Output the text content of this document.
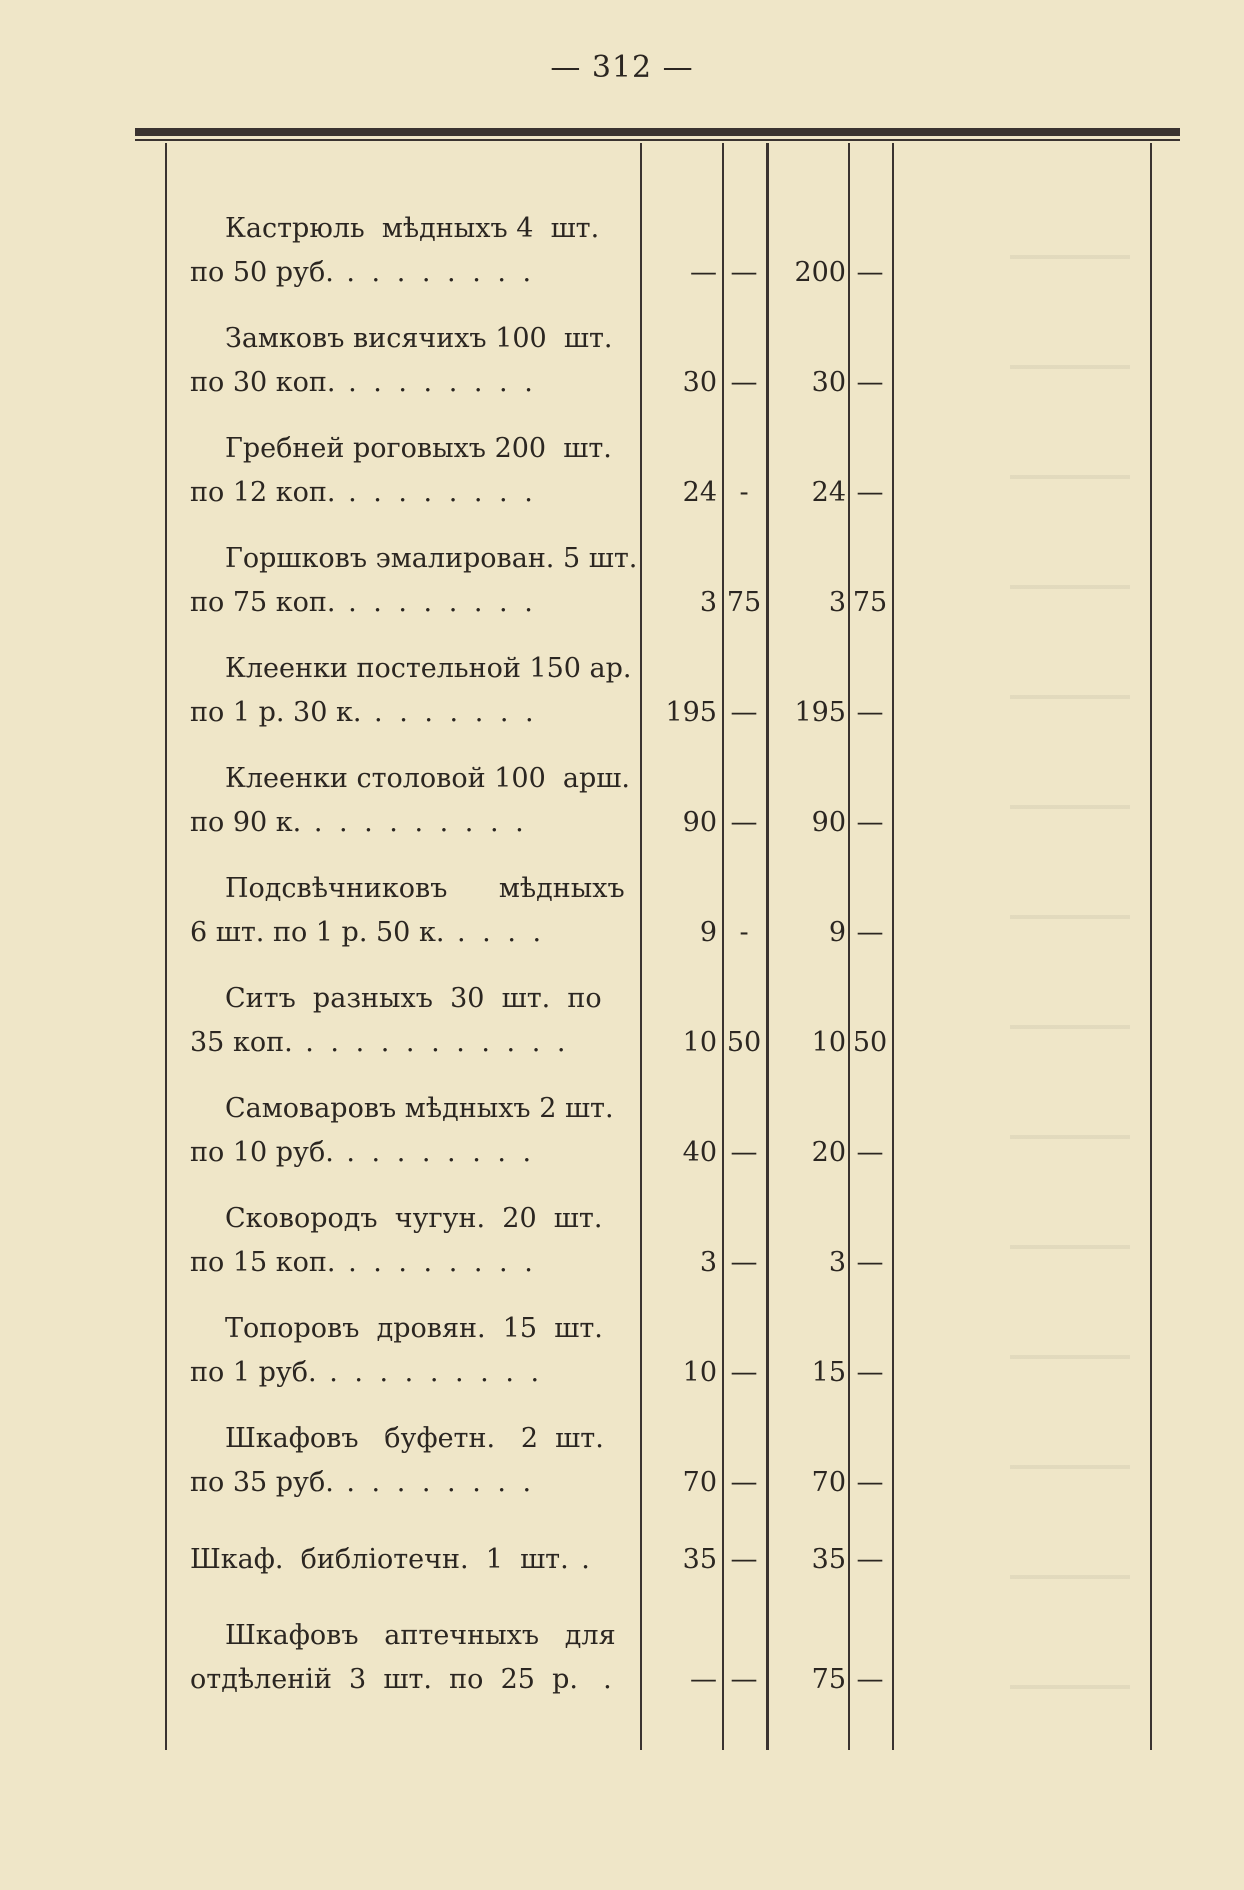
— 312 —
Кастрюль  мѣдныхъ 4  шт.
по 50 руб. . . . . . . . .	— —	200 —
Замковъ висячихъ 100  шт.
по 30 коп. . . . . . . . .	30 —	30 —
Гребней роговыхъ 200  шт.
по 12 коп. . . . . . . . .	24 -	24 —
Горшковъ эмалирован. 5 шт.
по 75 коп. . . . . . . . .	3 75	3 75
Клеенки постельной 150 ар.
по 1 р. 30 к. . . . . . . .	195 —	195 —
Клеенки столовой 100  арш.
по 90 к. . . . . . . . . .	90 —	90 —
Подсвѣчниковъ      мѣдныхъ
6 шт. по 1 р. 50 к. . . . .	9 -	9 —
Ситъ  разныхъ  30  шт.  по
35 коп. . . . . . . . . . . .	10 50	10 50
Самоваровъ мѣдныхъ 2 шт.
по 10 руб. . . . . . . . .	40 —	20 —
Сковородъ  чугун.  20  шт.
по 15 коп. . . . . . . . .	3 —	3 —
Топоровъ  дровян.  15  шт.
по 1 руб. . . . . . . . . .	10 —	15 —
Шкафовъ   буфетн.   2  шт.
по 35 руб. . . . . . . . .	70 —	70 —
Шкаф.  библіотечн.  1  шт. .	35 —	35 —
Шкафовъ   аптечныхъ   для
отдѣленій  3  шт.  по  25  р.  .	— —	75 —
